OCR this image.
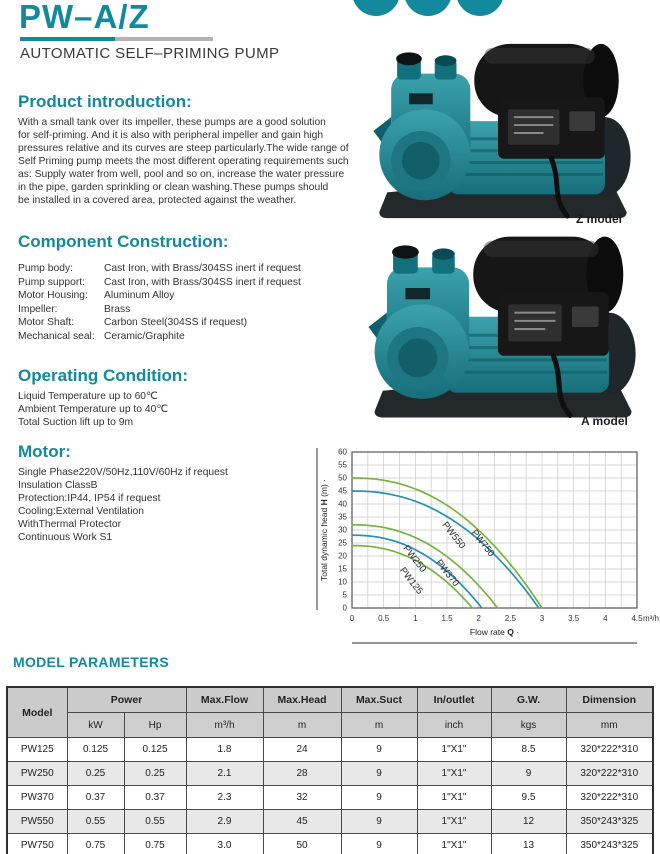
PW–A/Z
AUTOMATIC SELF–PRIMING PUMP
Product introduction:
With a small tank over its impeller, these pumps are a good solution
for self-priming. And it is also with peripheral impeller and gain high
pressures relative and its curves are steep particularly.The wide range of
Self Priming pump meets the most different operating requirements such
as: Supply water from well, pool and so on, increase the water pressure
in the pipe, garden sprinkling or clean washing.These pumps should
be installed in a covered area, protected against the weather.
Component Construction:
Pump body:	Cast Iron, with Brass/304SS inert if request
Pump support:	Cast Iron, with Brass/304SS inert if request
Motor Housing:	Aluminum Alloy
Impeller:	Brass
Motor Shaft:	Carbon Steel(304SS if request)
Mechanical seal: Ceramic/Graphite
Operating Condition:
Liquid Temperature up to 60℃
Ambient Temperature up to 40℃
Total Suction lift up to 9m
Motor:
Single Phase220V/50Hz,110V/60Hz if request
Insulation ClassB
Protection:IP44, IP54 if request
Cooling:External Ventilation
WithThermal Protector
Continuous Work S1
Z model
A model
0
5
10
15
20
25
30
35
40
45
50
55
60
0	0.5	1	1.5	2	2.5	3	3.5	4	4.5 m³/h
PW125
PW250 PW370
PW550 PW750
Flow rate Q ·
Total dynamic head H (m) ·
MODEL PARAMETERS
Model	Power		Max.Flow	Max.Head	Max.Suct	In/outlet	G.W.	Dimension
	kW	Hp	m³/h	m	m	inch	kgs	mm
PW125	0.125	0.125	1.8	24	9	1"X1"	8.5	320*222*310
PW250	0.25	0.25	2.1	28	9	1"X1"	9	320*222*310
PW370	0.37	0.37	2.3	32	9	1"X1"	9.5	320*222*310
PW550	0.55	0.55	2.9	45	9	1"X1"	12	350*243*325
PW750	0.75	0.75	3.0	50	9	1"X1"	13	350*243*325
